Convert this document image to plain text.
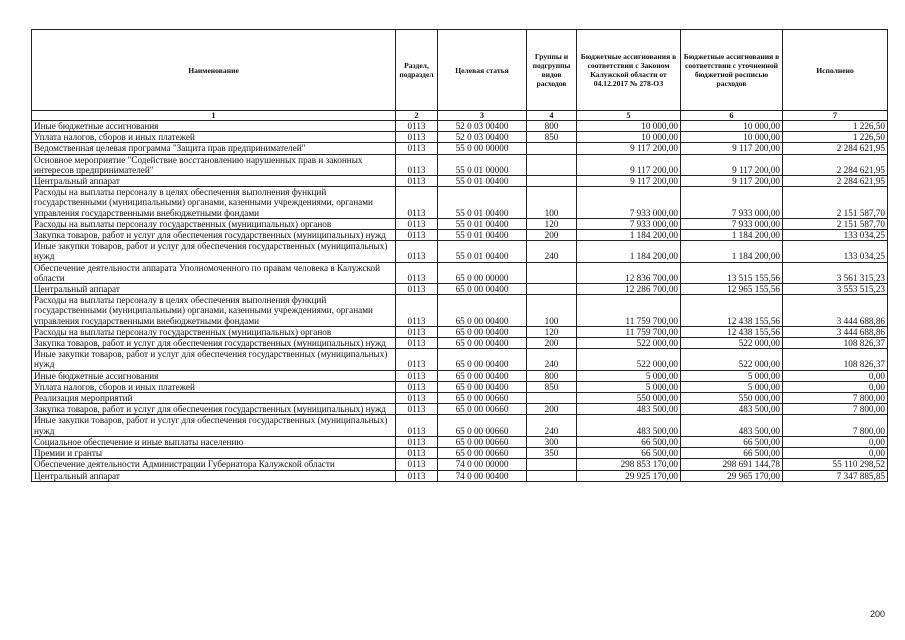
Наименование	Раздел, подраздел	Целевая статья	Группы и подгруппы видов расходов	Бюджетные ассигнования в соответствии с Законом Калужской области от 04.12.2017 № 278-ОЗ	Бюджетные ассигнования в соответствии с уточненной бюджетной росписью расходов	Исполнено
1	2	3	4	5	6	7
Иные бюджетные ассигнования	0113	52 0 03 00400	800	10 000,00	10 000,00	1 226,50
Уплата налогов, сборов и иных платежей	0113	52 0 03 00400	850	10 000,00	10 000,00	1 226,50
Ведомственная целевая программа "Защита прав предпринимателей"	0113	55 0 00 00000		9 117 200,00	9 117 200,00	2 284 621,95
Основное мероприятие "Содействие восстановлению нарушенных прав и законных интересов предпринимателей"	0113	55 0 01 00000		9 117 200,00	9 117 200,00	2 284 621,95
Центральный аппарат	0113	55 0 01 00400		9 117 200,00	9 117 200,00	2 284 621,95
Расходы на выплаты персоналу в целях обеспечения выполнения функций государственными (муниципальными) органами, казенными учреждениями, органами управления государственными внебюджетными фондами	0113	55 0 01 00400	100	7 933 000,00	7 933 000,00	2 151 587,70
Расходы на выплаты персоналу государственных (муниципальных) органов	0113	55 0 01 00400	120	7 933 000,00	7 933 000,00	2 151 587,70
Закупка товаров, работ и услуг для обеспечения государственных (муниципальных) нужд	0113	55 0 01 00400	200	1 184 200,00	1 184 200,00	133 034,25
Иные закупки товаров, работ и услуг для обеспечения государственных (муниципальных) нужд	0113	55 0 01 00400	240	1 184 200,00	1 184 200,00	133 034,25
Обеспечение деятельности аппарата Уполномоченного по правам человека в Калужской области	0113	65 0 00 00000		12 836 700,00	13 515 155,56	3 561 315,23
Центральный аппарат	0113	65 0 00 00400		12 286 700,00	12 965 155,56	3 553 515,23
Расходы на выплаты персоналу в целях обеспечения выполнения функций государственными (муниципальными) органами, казенными учреждениями, органами управления государственными внебюджетными фондами	0113	65 0 00 00400	100	11 759 700,00	12 438 155,56	3 444 688,86
Расходы на выплаты персоналу государственных (муниципальных) органов	0113	65 0 00 00400	120	11 759 700,00	12 438 155,56	3 444 688,86
Закупка товаров, работ и услуг для обеспечения государственных (муниципальных) нужд	0113	65 0 00 00400	200	522 000,00	522 000,00	108 826,37
Иные закупки товаров, работ и услуг для обеспечения государственных (муниципальных) нужд	0113	65 0 00 00400	240	522 000,00	522 000,00	108 826,37
Иные бюджетные ассигнования	0113	65 0 00 00400	800	5 000,00	5 000,00	0,00
Уплата налогов, сборов и иных платежей	0113	65 0 00 00400	850	5 000,00	5 000,00	0,00
Реализация мероприятий	0113	65 0 00 00660		550 000,00	550 000,00	7 800,00
Закупка товаров, работ и услуг для обеспечения государственных (муниципальных) нужд	0113	65 0 00 00660	200	483 500,00	483 500,00	7 800,00
Иные закупки товаров, работ и услуг для обеспечения государственных (муниципальных) нужд	0113	65 0 00 00660	240	483 500,00	483 500,00	7 800,00
Социальное обеспечение и иные выплаты населению	0113	65 0 00 00660	300	66 500,00	66 500,00	0,00
Премии и гранты	0113	65 0 00 00660	350	66 500,00	66 500,00	0,00
Обеспечение деятельности Администрации Губернатора Калужской области	0113	74 0 00 00000		298 853 170,00	298 691 144,78	55 110 298,52
Центральный аппарат	0113	74 0 00 00400		29 925 170,00	29 965 170,00	7 347 885,85
200
